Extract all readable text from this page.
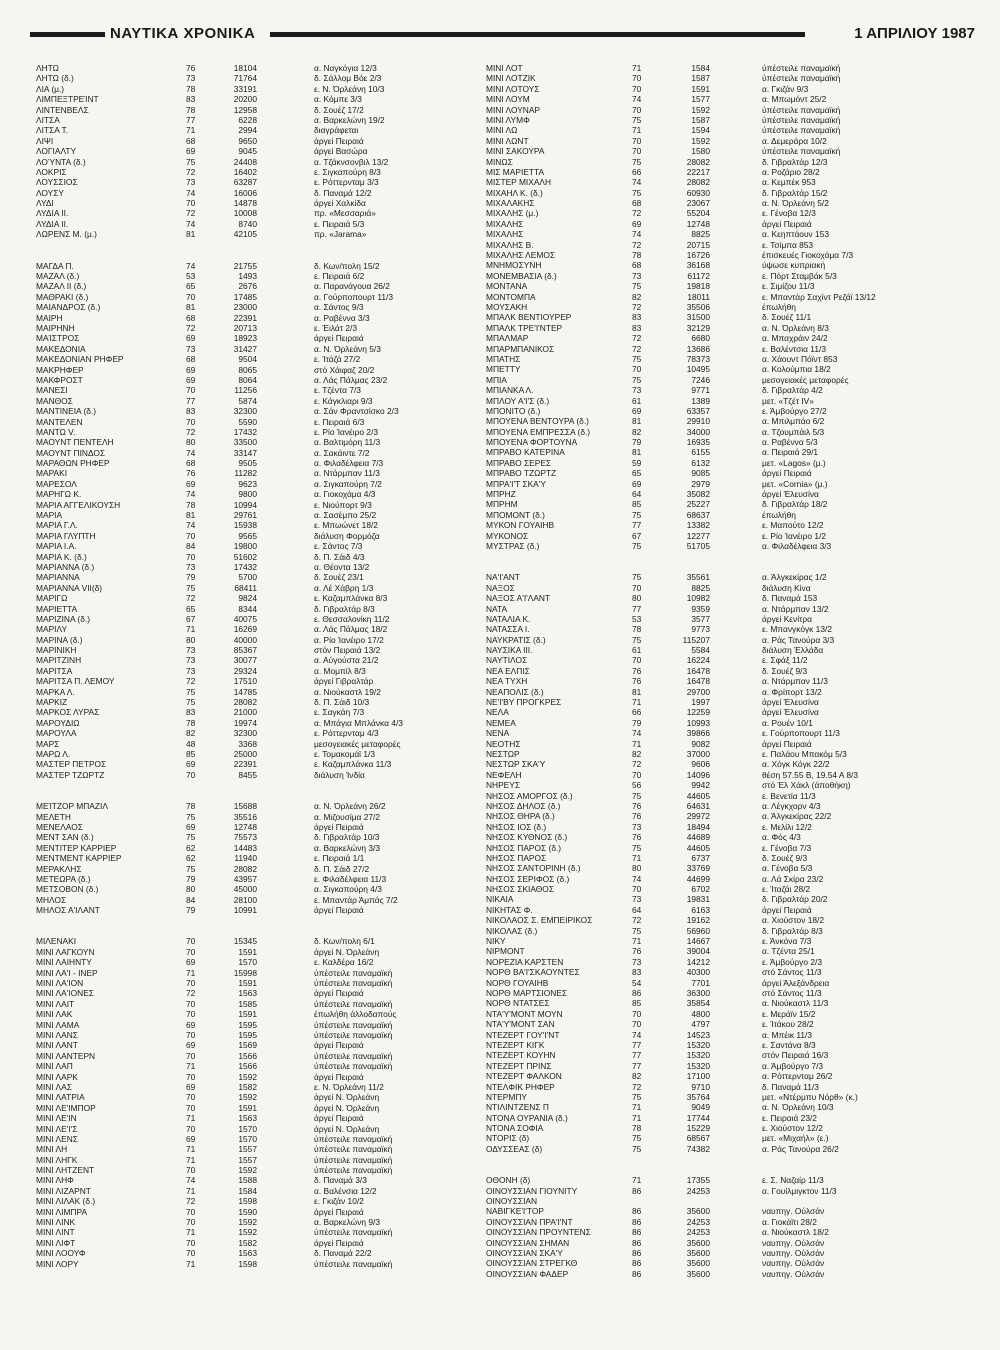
ΝΑΥΤΙΚΑ ΧΡΟΝΙΚΑ	1 ΑΠΡΙΛΙΟΥ 1987
ΛΗΤΩ	76	18104	α. Ναγκόγια 12/3
ΛΗΤΩ (δ.)	73	71764	δ. Σάλλομ Βόε 2/3
ΛΙΑ (μ.)	78	33191	ε. Ν. Όρλεάνη 10/3
ΛΙΜΠΕΞΤΡΕΊΝΤ	83	20200	α. Κόμπε 3/3
ΛΙΝΤΕΝΒΕΛΣ	78	12958	δ. Σουέζ 17/2
ΛΙΤΣΑ	77	6228	α. Βαρκελώνη 19/2
ΛΙΤΣΑ Τ.	71	2994	διαγράφεται
ΛΙΨΙ	68	9650	άργεί Πειραιά
ΛΟΓΙΑΛΤΥ	69	9045	άργεί Βασώρα
ΛΟΎΝΤΑ (δ.)	75	24408	α. Τζάκνσονβιλ 13/2
ΛΟΚΡΙΣ	72	16402	ε. Σιγκαπούρη 8/3
ΛΟΥΣΣΙΟΣ	73	63287	ε. Ρόττερνταμ 3/3
ΛΟΥΣΥ	74	16006	δ. Παναμά 12/2
ΛΥΔΙ	70	14878	άργεί Χαλκίδα
ΛΥΔΙΑ ΙΙ.	72	10008	πρ. «Μεσσαριά»
ΛΥΔΙΑ ΙΙ.	74	8740	ε. Πειραιά 5/3
ΛΩΡΕΝΣ Μ. (μ.)	81	42105	πρ. «Jarama»
ΜΑΓΔΑ Π.	74	21755	δ. Κων/πολη 15/2
ΜΑΖΑΛ (δ.)	53	1493	ε. Πειραιά 6/2
ΜΑΖΑΛ ΙΙ (δ.)	65	2676	α. Παρανάγουα 26/2
ΜΑΘΡΑΚΙ (δ.)	70	17485	α. Γούρποπουρτ 11/3
ΜΑΙΑΝΔΡΟΣ (δ.)	81	23000	α. Σάντος 9/3
ΜΑΙΡΗ	68	22391	α. Ραβέννα 3/3
ΜΑΙΡΗΝΗ	72	20713	ε. Έιλάτ 2/3
ΜΑΊΣΤΡΟΣ	69	18923	άργεί Πειραιά
ΜΑΚΕΔΟΝΙΑ	73	31427	α. Ν. Όρλεάνη 5/3
ΜΑΚΕΔΟΝΙΑΝ ΡΗΦΕΡ	68	9504	ε. Ίτάζά 27/2
ΜΑΚΡΗΦΕΡ	69	8065	στό Χάιφαζ 20/2
ΜΑΚΦΡΟΣΤ	69	8064	α. Λάς Πάλμας 23/2
ΜΑΝΕΣΙ	70	11256	ε. Τζέντα 7/3
ΜΑΝΘΟΣ	77	5874	ε. Κάγκλιαρι 9/3
ΜΑΝΤΙΝΕΙΑ (δ.)	83	32300	α. Σάν Φραντσίσκο 2/3
ΜΑΝΤΕΛΕΝ	70	5590	ε. Πειραιά 6/3
ΜΑΝΤΩ V.	72	17432	ε. Ρίο Ίανέιρο 2/3
ΜΑΟΥΝΤ ΠΕΝΤΕΛΗ	80	33500	α. Βαλτιμόρη 11/3
ΜΑΟΥΝΤ ΠΙΝΔΟΣ	74	33147	α. Σακάιντε 7/2
ΜΑΡΑΘΩΝ ΡΗΦΕΡ	68	9505	α. Φιλαδέλφεια 7/3
ΜΑΡΑΚΙ	76	11282	α. Ντάρμπαν 11/3
ΜΑΡΕΣΟΛ	69	9623	α. Σιγκαπούρη 7/2
ΜΑΡΗΓΩ Κ.	74	9800	α. Γιοκοχάμα 4/3
ΜΑΡΙΑ ΑΓΓΕΛΙΚΟΥΣΗ	78	10994	ε. Νιούπορτ 9/3
ΜΑΡΙΑ	81	29761	α. Σασέμπο 25/2
ΜΑΡΙΑ Γ.Λ.	74	15938	ε. Μπωώνετ 18/2
ΜΑΡΙΑ ΓΛΥΠΤΗ	70	9565	διάλυση Φορμόζα
ΜΑΡΙΑ Ι.Α.	84	19800	ε. Σάντος 7/3
ΜΑΡΙΑ Κ. (δ.)	70	51602	δ. Π. Σάιδ 4/3
ΜΑΡΙΑΝΝΑ (δ.)	73	17432	α. Θέοντα 13/2
ΜΑΡΙΑΝΝΑ	79	5700	δ. Σουέζ 23/1
ΜΑΡΙΑΝΝΑ VΙΙ(δ)	75	68411	α. Λέ Χάβρη 1/3
ΜΑΡΙΓΩ	72	9824	ε. Καζαμπλάνκα 8/3
ΜΑΡΙΕΤΤΑ	65	8344	δ. Γιβραλτάρ 8/3
ΜΑΡΙΖΙΝΑ (δ.)	67	40075	ε. Θεσσαλονίκη 11/2
ΜΑΡΙΛΥ	71	16269	α. Λάς Πάλμας 18/2
ΜΑΡΙΝΑ (δ.)	80	40000	α. Ρίο Ίανέιρο 17/2
ΜΑΡΙΝΙΚΗ	73	85367	στόν Πειραιά 13/2
ΜΑΡΙΤΖΙΝΗ	73	30077	α. Αύγούστα 21/2
ΜΑΡΙΤΣΑ	73	29324	α. Μομπίλ 8/3
ΜΑΡΙΤΣΑ Π. ΛΕΜΟΥ	72	17510	άργεί Γιβραλτάρ
ΜΑΡΚΑ Λ.	75	14785	α. Νιούκαστλ 19/2
ΜΑΡΚΙΖ	75	28082	δ. Π. Σάιδ 10/3
ΜΑΡΚΟΣ ΛΥΡΑΣ	83	21000	ε. Σαγκάη 7/3
ΜΑΡΟΥΔΙΩ	78	19974	α. Μπάγια Μπλάνκα 4/3
ΜΑΡΟΥΛΑ	82	32300	ε. Ρόττερνταμ 4/3
ΜΑΡΣ	48	3368	μεσογειακές μεταφορές
ΜΑΡΩ Λ.	85	25000	ε. Τομακομάϊ 1/3
ΜΑΣΤΕΡ ΠΕΤΡΟΣ	69	22391	ε. Καζαμπλάνκα 11/3
ΜΑΣΤΕΡ ΤΖΩΡΤΖ	70	8455	διάλυση Ίνδία
ΜΕΊΤΖΟΡ ΜΠΑΖΙΛ	78	15688	α. Ν. Όρλεάνη 26/2
ΜΕΛΕΤΗ	75	35516	α. Μιζουσίμα 27/2
ΜΕΝΕΛΑΟΣ	69	12748	άργεί Πειραιά
ΜΕΝΤ ΣΑΝ (δ.)	75	75573	δ. Γιβραλτάρ 10/3
ΜΕΝΤΙΤΕΡ ΚΑΡΡΙΕΡ	62	14483	α. Βαρκελώνη 3/3
ΜΕΝΤΜΕΝΤ ΚΑΡΡΙΕΡ	62	11940	ε. Πειραιά 1/1
ΜΕΡΑΚΛΗΣ	75	28082	δ. Π. Σάιδ 27/2
ΜΕΤΕΩΡΑ (δ.)	79	43957	ε. Φιλαδέλφεια 11/3
ΜΕΤΣΟΒΟΝ (δ.)	80	45000	α. Σιγκαπούρη 4/3
ΜΗΛΟΣ	84	28100	ε. Μπαντάρ Άμπάς 7/2
ΜΗΛΟΣ Α'ΙΛΑΝΤ	79	10991	άργεί Πειραιά
ΜΙΛΕΝΑΚΙ	70	15345	δ. Κων/πολη 6/1
ΜΙΝΙ ΛΑΓΚΟΥΝ	70	1591	άργεί Ν. Όρλεάνη
ΜΙΝΙ ΛΑΙΗΝΤΥ	69	1570	ε. Καλδέρα 16/2
ΜΙΝΙ ΛΑ'Ι - ΙΝΕΡ	71	15998	ύπέστειλε παναμαϊκή
ΜΙΝΙ ΛΑ'ΙΟΝ	70	1591	ύπέστειλε παναμαϊκή
ΜΙΝΙ ΛΑ'ΙΟΝΕΣ	72	1563	άργεί Πειραιά
ΜΙΝΙ ΛΑΙΤ	70	1585	ύπέστειλε παναμαϊκή
ΜΙΝΙ ΛΑΚ	70	1591	έπωλήθη άλλοδαπούς
ΜΙΝΙ ΛΑΜΑ	69	1595	ύπέστειλε παναμαϊκή
ΜΙΝΙ ΛΑΝΣ	70	1595	ύπέστειλε παναμαϊκή
ΜΙΝΙ ΛΑΝΤ	69	1569	άργεί Πειραιά
ΜΙΝΙ ΛΑΝΤΕΡΝ	70	1566	ύπέστειλε παναμαϊκή
ΜΙΝΙ ΛΑΠ	71	1566	ύπέστειλε παναμαϊκή
ΜΙΝΙ ΛΑΡΚ	70	1592	άργεί Πειραιά
ΜΙΝΙ ΛΑΣ	69	1582	ε. Ν. Όρλεάνη 11/2
ΜΙΝΙ ΛΑΤΡΙΑ	70	1592	άργεί Ν. Όρλεάνη
ΜΙΝΙ ΛΕ'ΙΜΠΟΡ	70	1591	άργεί Ν. Όρλεάνη
ΜΙΝΙ ΛΕ'ΙΝ	71	1563	άργεί Πειραιά
ΜΙΝΙ ΛΕ'Ι'Σ	70	1570	άργεί Ν. Όρλεάνη
ΜΙΝΙ ΛΕΝΣ	69	1570	ύπέστειλε παναμαϊκή
ΜΙΝΙ ΛΗ	71	1557	ύπέστειλε παναμαϊκή
ΜΙΝΙ ΛΗΓΚ	71	1557	ύπέστειλε παναμαϊκή
ΜΙΝΙ ΛΗΤΖΕΝΤ	70	1592	ύπέστειλε παναμαϊκή
ΜΙΝΙ ΛΗΦ	74	1588	δ. Παναμά 3/3
ΜΙΝΙ ΛΙΖΑΡΝΤ	71	1584	α. Βαλένσια 12/2
ΜΙΝΙ ΛΙΛΑΚ (δ.)	72	1598	ε. Γκιζάν 10/2
ΜΙΝΙ ΛΙΜΠΡΑ	70	1590	άργεί Πειραιά
ΜΙΝΙ ΛΙΝΚ	70	1592	α. Βαρκελώνη 9/3
ΜΙΝΙ ΛΙΝΤ	71	1592	ύπέστειλε παναμαϊκή
ΜΙΝΙ ΛΙΦΤ	70	1582	άργεί Πειραιά
ΜΙΝΙ ΛΟΟΥΦ	70	1563	δ. Παναμά 22/2
ΜΙΝΙ ΛΟΡΥ	71	1598	ύπέστειλε παναμαϊκή
ΜΙΝΙ ΛΟΤ	71	1584	ύπέστειλε παναμαϊκή
ΜΙΝΙ ΛΟΤΖΙΚ	70	1587	ύπέστειλε παναμαϊκή
ΜΙΝΙ ΛΟΤΟΥΣ	70	1591	α. Γκιζάν 9/3
ΜΙΝΙ ΛΟΥΜ	74	1577	α. Μπωμόντ 25/2
ΜΙΝΙ ΛΟΥΝΑΡ	70	1592	ύπέστειλε παναμαϊκή
ΜΙΝΙ ΛΥΜΦ	75	1587	ύπέστειλε παναμαϊκή
ΜΙΝΙ ΛΩ	71	1594	ύπέστειλε παναμαϊκή
ΜΙΝΙ ΛΩΝΤ	70	1592	α. Δεμεράρα 10/2
ΜΙΝΙ ΣΑΚΟΥΡΑ	70	1580	ύπέστειλε παναμαϊκή
ΜΙΝΩΣ	75	28082	δ. Γιβραλτάρ 12/3
ΜΙΣ ΜΑΡΙΕΤΤΑ	66	22217	α. Ροζάριο 28/2
ΜΙΣΤΕΡ ΜΙΧΑΛΗ	74	28082	α. Κεμπέκ 953
ΜΙΧΑΗΛ Κ. (δ.)	75	60930	δ. Γιβραλτάρ 15/2
ΜΙΧΑΛΑΚΗΣ	68	23067	α. Ν. Όρλεάνη 5/2
ΜΙΧΑΛΗΣ (μ.)	72	55204	ε. Γένοβα 12/3
ΜΙΧΑΛΗΣ	69	12748	άργεί Πειραιά
ΜΙΧΑΛΗΣ	74	8825	α. Κεηπτάουν 153
ΜΙΧΑΛΗΣ Β.	72	20715	ε. Τσίμπα 853
ΜΙΧΑΛΗΣ ΛΕΜΟΣ	78	16726	έπισκευές Γιοκοχάμα 7/3
ΜΝΗΜΟΣΥΝΗ	68	36168	ύψωσε κυπριακή
ΜΟΝΕΜΒΑΣΙΑ (δ.)	73	61172	ε. Πόρτ Σταμβάκ 5/3
ΜΟΝΤΑΝΑ	75	19818	ε. Σιμίζου 11/3
ΜΟΝΤΟΜΠΑ	82	18011	ε. Μπαντάρ Σαχίντ Ρεζάϊ 13/12
ΜΟΥΣΑΚΗ	72	35506	έπωλήθη
ΜΠΑΛΚ ΒΕΝΤΙΟΥΡΕΡ	83	31500	δ. Σουέζ 11/1
ΜΠΑΛΚ ΤΡΕ'Ι'ΝΤΕΡ	83	32129	α. Ν. Όρλεάνη 8/3
ΜΠΑΛΜΑΡ	72	6680	α. Μπαχράιν 24/2
ΜΠΑΡΜΠΑΝΙΚΟΣ	72	13686	ε. Βαλέντσια 11/3
ΜΠΑΤΗΣ	75	78373	α. Χάουντ Πόϊντ 853
ΜΠΕΤΤΥ	70	10495	α. Κολούμπια 18/2
ΜΠΙΑ	75	7246	μεσογειακές μεταφορές
ΜΠΙΑΝΚΑ Λ.	73	9771	δ. Γιβραλτάρ 4/2
ΜΠΛΟΥ Α'Ι'Σ (δ.)	61	1389	μετ. «Τζέτ IV»
ΜΠΟΝΙΤΟ (δ.)	69	63357	ε. Άμβούργο 27/2
ΜΠΟΥΕΝΑ ΒΕΝΤΟΥΡΑ (δ.)	81	29910	α. Μπιλμπάο 6/2
ΜΠΟΥΕΝΑ ΕΜΠΡΕΣΣΑ (δ.)	82	34000	α. Τζουμπάιλ 5/3
ΜΠΟΥΕΝΑ ΦΟΡΤΟΥΝΑ	79	16935	α. Ραβέννα 5/3
ΜΠΡΑΒΟ ΚΑΤΕΡΙΝΑ	81	6155	α. Πειραιά 29/1
ΜΠΡΑΒΟ ΣΕΡΕΣ	59	6132	μετ. «Lagos» (μ.)
ΜΠΡΑΒΟ ΤΖΩΡΤΖ	65	9085	άργεί Πειραιά
ΜΠΡΑ'Ι'Τ ΣΚΑ'Υ	69	2979	μετ. «Cornia» (μ.)
ΜΠΡΗΖ	64	35082	άργεί Έλευσίνα
ΜΠΡΗΜ	85	25227	δ. Γιβραλτάρ 18/2
ΜΠΟΜΟΝΤ (δ.)	75	68637	έπωλήθη
ΜΥΚΟΝ ΓΟΥΑΙΗΒ	77	13382	ε. Μαπούτο 12/2
ΜΥΚΟΝΟΣ	67	12277	ε. Ρίο Ίανέιρο 1/2
ΜΥΣΤΡΑΣ (δ.)	75	51705	α. Φιλαδέλφεια 3/3
ΝΑ'Ι'ΑΝΤ	75	35561	α. Άλγκεκίρας 1/2
ΝΑΞΟΣ	70	8825	διάλυση Κίνα
ΝΑΞΟΣ Α'Ι'ΛΑΝΤ	80	10982	δ. Παναμά 153
ΝΑΤΑ	77	9359	α. Ντάρμπαν 13/2
ΝΑΤΑΛΙΑ Κ.	53	3577	άργεί Κενίτρα
ΝΑΤΑΣΣΑ Ι.	78	9773	ε. Μπανγκόγκ 13/2
ΝΑΥΚΡΑΤΙΣ (δ.)	75	115207	α. Ράς Τανούρα 3/3
ΝΑΥΣΙΚΑ ΙΙΙ.	61	5584	διάλυση Έλλάδα
ΝΑΥΤΙΛΟΣ	70	16224	ε. Σφάξ 11/2
ΝΕΑ ΕΛΠΙΣ	76	16478	δ. Σουέζ 9/3
ΝΕΑ ΤΥΧΗ	76	16478	α. Ντάρμπαν 11/3
ΝΕΑΠΟΛΙΣ (δ.)	81	29700	α. Φρίπορτ 13/2
ΝΕ'Ι'ΒΥ ΠΡΟΓΚΡΕΣ	71	1997	άργεί Έλευσίνα
ΝΕΛΑ	66	12259	άργεί Έλευσίνα
ΝΕΜΕΑ	79	10993	α. Ρουέν 10/1
ΝΕΝΑ	74	39866	ε. Γούρποπουρτ 11/3
ΝΕΟΤΗΣ	71	9082	άργεί Πειραιά
ΝΕΣΤΩΡ	82	37000	ε. Παλάου Μπακόμ 5/3
ΝΕΣΤΩΡ ΣΚΑ'Υ	72	9606	α. Χόγκ Κόγκ 22/2
ΝΕΦΕΛΗ	70	14096	θέση 57.55 Β, 19.54 Α 8/3
ΝΗΡΕΥΣ	56	9942	στό Έλ Χάκλ (άποθήκη)
ΝΗΣΟΣ ΑΜΟΡΓΟΣ (δ.)	75	44605	ε. Βενετία 11/3
ΝΗΣΟΣ ΔΗΛΟΣ (δ.)	76	64631	α. Λέγκχορν 4/3
ΝΗΣΟΣ ΘΗΡΑ (δ.)	76	29972	α. Άλγκεκίρας 22/2
ΝΗΣΟΣ ΙΟΣ (δ.)	73	18494	ε. Μελίλι 12/2
ΝΗΣΟΣ ΚΥΘΝΟΣ (δ.)	76	44689	α. Φός 4/3
ΝΗΣΟΣ ΠΑΡΟΣ (δ.)	75	44605	ε. Γένοβα 7/3
ΝΗΣΟΣ ΠΑΡΟΣ	71	6737	δ. Σουέζ 9/3
ΝΗΣΟΣ ΣΑΝΤΟΡΙΝΗ (δ.)	80	33769	α. Γένοβα 5/3
ΝΗΣΟΣ ΣΕΡΙΦΟΣ (δ.)	74	44699	α. Λά Σκίρα 23/2
ΝΗΣΟΣ ΣΚΙΑΘΟΣ	70	6702	ε. Ίταζάι 28/2
ΝΙΚΑΙΑ	73	19831	δ. Γιβραλτάρ 20/2
ΝΙΚΗΤΑΣ Φ.	64	6163	άργεί Πειραιά
ΝΙΚΟΛΑΟΣ Σ. ΕΜΠΕΙΡΙΚΟΣ	72	19162	α. Χιούστον 18/2
ΝΙΚΟΛΑΣ (δ.)	75	56960	δ. Γιβραλτάρ 8/3
ΝΙΚΥ	71	14667	ε. Άνκόνα 7/3
ΝΙΡΜΟΝΤ	76	39004	α. Τζέντα 25/1
ΝΟΡΕΖΙΑ ΚΑΡΣΤΕΝ	73	14212	ε. Άμβούργο 2/3
ΝΟΡΘ ΒΑ'Ι'ΣΚΑΟΥΝΤΕΣ	83	40300	στό Σάντος 11/3
ΝΟΡΘ ΓΟΥΑΙΗΒ	54	7701	άργεί Άλεξάνδρεια
ΝΟΡΘ ΜΑΡΤΣΙΟΝΕΣ	86	36300	στό Σάντος 11/3
ΝΟΡΘ ΝΤΑΤΣΕΣ	85	35854	α. Νιούκαστλ 11/3
ΝΤΑ'Υ'ΜΟΝΤ ΜΟΥΝ	70	4800	ε. Μεράϊν 15/2
ΝΤΑ'Υ'ΜΟΝΤ ΣΑΝ	70	4797	ε. Ίτάκου 28/2
ΝΤΕΖΕΡΤ ΓΟΥ'Ι'ΝΤ	74	14523	α. Μπέικ 11/3
ΝΤΕΖΕΡΤ ΚΙΓΚ	77	15320	ε. Σαντάνα 8/3
ΝΤΕΖΕΡΤ ΚΟΥΗΝ	77	15320	στόν Πειραιά 16/3
ΝΤΕΖΕΡΤ ΠΡΙΝΣ	77	15320	α. Άμβούργο 7/3
ΝΤΕΖΕΡΤ ΦΑΛΚΟΝ	82	17100	α. Ρόττερνταμ 26/2
ΝΤΕΛΦΙΚ ΡΗΦΕΡ	72	9710	δ. Παναμά 11/3
ΝΤΕΡΜΠΥ	75	35764	μετ. «Ντέρμπυ Νόρθ» (κ.)
ΝΤΙΛΙΝΤΖΕΝΣ Π	71	9049	α. Ν. Όρλεάνη 10/3
ΝΤΟΝΑ ΟΥΡΑΝΙΑ (δ.)	71	17744	ε. Πειραιά 23/2
ΝΤΟΝΑ ΣΟΦΙΑ	78	15229	ε. Χιούστον 12/2
ΝΤΟΡΙΣ (δ)	75	68567	μετ. «Μιχαήλ» (ε.)
ΟΔΥΣΣΕΑΣ (δ)	75	74382	α. Ράς Τανούρα 26/2
ΟΘΟΝΗ (δ)	71	17355	ε. Σ. Ναζαίρ 11/3
ΟΙΝΟΥΣΣΙΑΝ ΓΙΟΥΝΙΤΥ	86	24253	α. Γουίλμιγκτον 11/3
ΟΙΝΟΥΣΣΙΑΝ
ΝΑΒΙΓΚΕ'Ι'ΤΟΡ	86	35600	ναυπηγ. Ούλσάν
ΟΙΝΟΥΣΣΙΑΝ ΠΡΑ'Ι'ΝΤ	86	24253	α. Γιοκάϊτι 28/2
ΟΙΝΟΥΣΣΙΑΝ ΠΡΟΥΝΤΕΝΣ	86	24253	α. Νιούκαστλ 18/2
ΟΙΝΟΥΣΣΙΑΝ ΣΗΜΑΝ	86	35600	ναυπηγ. Ούλσάν
ΟΙΝΟΥΣΣΙΑΝ ΣΚΑ'Υ	86	35600	ναυπηγ. Ούλσάν
ΟΙΝΟΥΣΣΙΑΝ ΣΤΡΕΓΚΘ	86	35600	ναυπηγ. Ούλσάν
ΟΙΝΟΥΣΣΙΑΝ ΦΑΔΕΡ	86	35600	ναυπηγ. Ούλσάν
